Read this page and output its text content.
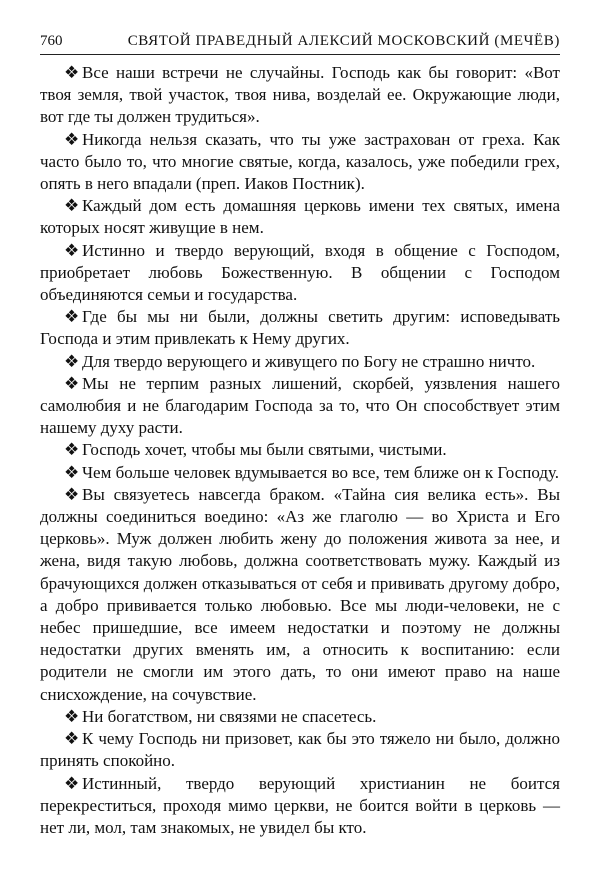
760	СВЯТОЙ ПРАВЕДНЫЙ АЛЕКСИЙ МОСКОВСКИЙ (МЕЧЁВ)

❖ Все наши встречи не случайны. Господь как бы говорит: «Вот твоя земля, твой участок, твоя нива, возделай ее. Окружающие люди, вот где ты должен трудиться».

❖ Никогда нельзя сказать, что ты уже застрахован от греха. Как часто было то, что многие святые, когда, казалось, уже победили грех, опять в него впадали (преп. Иаков Постник).

❖ Каждый дом есть домашняя церковь имени тех святых, имена которых носят живущие в нем.

❖ Истинно и твердо верующий, входя в общение с Господом, приобретает любовь Божественную. В общении с Господом объединяются семьи и государства.

❖ Где бы мы ни были, должны светить другим: исповедывать Господа и этим привлекать к Нему других.

❖ Для твердо верующего и живущего по Богу не страшно ничто.

❖ Мы не терпим разных лишений, скорбей, уязвления нашего самолюбия и не благодарим Господа за то, что Он способствует этим нашему духу расти.

❖ Господь хочет, чтобы мы были святыми, чистыми.

❖ Чем больше человек вдумывается во все, тем ближе он к Господу.

❖ Вы связуетесь навсегда браком. «Тайна сия велика есть». Вы должны соединиться воедино: «Аз же глаголю — во Христа и Его церковь». Муж должен любить жену до положения живота за нее, и жена, видя такую любовь, должна соответствовать мужу. Каждый из брачующихся должен отказываться от себя и прививать другому добро, а добро прививается только любовью. Все мы люди-человеки, не с небес пришедшие, все имеем недостатки и поэтому не должны недостатки других вменять им, а относить к воспитанию: если родители не смогли им этого дать, то они имеют право на наше снисхождение, на сочувствие.

❖ Ни богатством, ни связями не спасетесь.

❖ К чему Господь ни призовет, как бы это тяжело ни было, должно принять спокойно.

❖ Истинный, твердо верующий христианин не боится перекреститься, проходя мимо церкви, не боится войти в церковь — нет ли, мол, там знакомых, не увидел бы кто.
